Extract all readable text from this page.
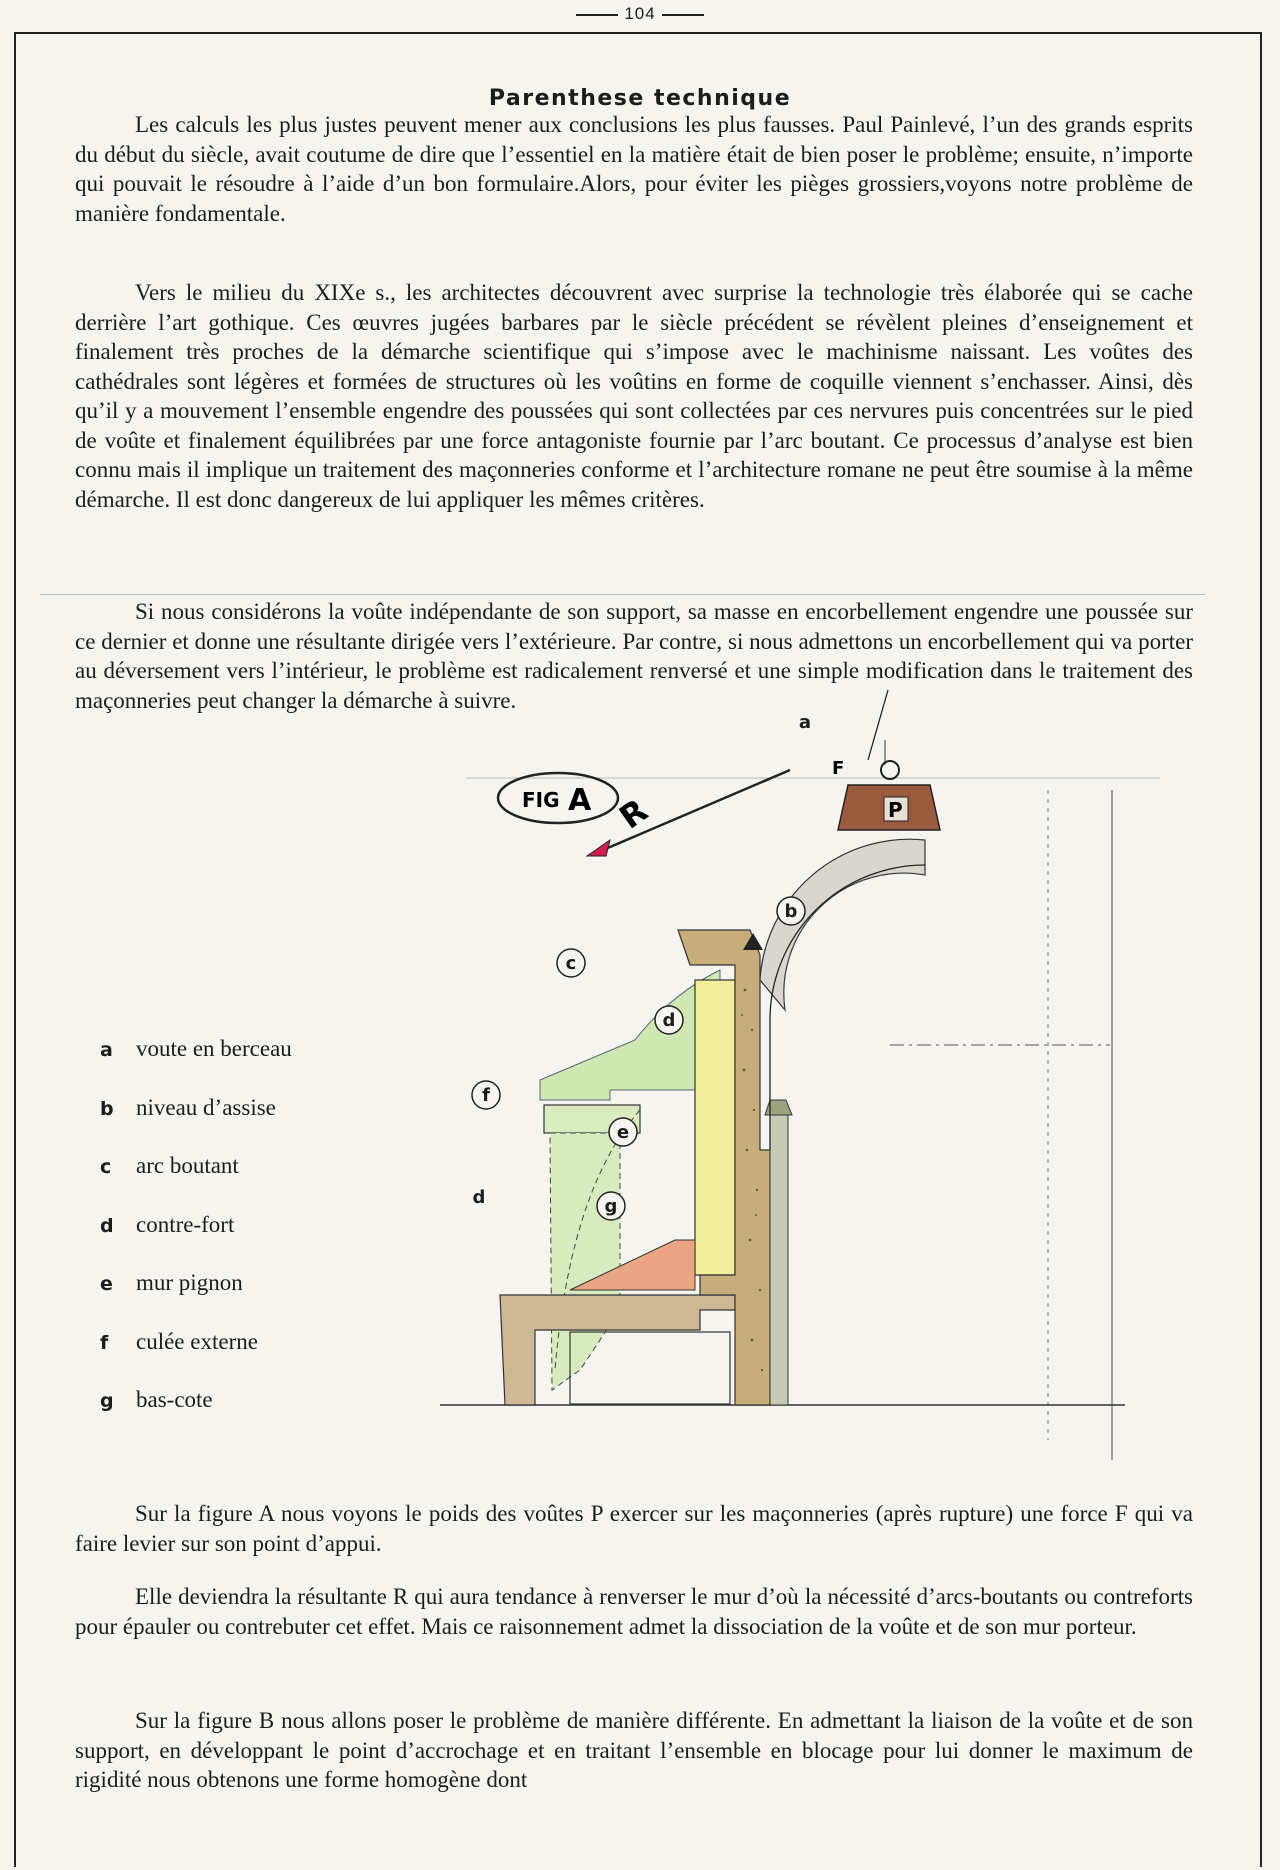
104
Parenthese technique

Les calculs les plus justes peuvent mener aux conclusions les plus fausses. Paul Painlevé, l’un des grands esprits du début du siècle, avait coutume de dire que l’essentiel en la matière était de bien poser le problème; ensuite, n’importe qui pouvait le résoudre à l’aide d’un bon formulaire.Alors, pour éviter les pièges grossiers,voyons notre problème de manière fondamentale.

Vers le milieu du XIXe s., les architectes découvrent avec surprise la technologie très élaborée qui se cache derrière l’art gothique. Ces œuvres jugées barbares par le siècle précédent se révèlent pleines d’enseignement et finalement très proches de la démarche scientifique qui s’impose avec le machinisme naissant. Les voûtes des cathédrales sont légères et formées de structures où les voûtins en forme de coquille viennent s’enchasser. Ainsi, dès qu’il y a mouvement l’ensemble engendre des poussées qui sont collectées par ces nervures puis concentrées sur le pied de voûte et finalement équilibrées par une force antagoniste fournie par l’arc boutant. Ce processus d’analyse est bien connu mais il implique un traitement des maçonneries conforme et l’architecture romane ne peut être soumise à la même démarche. Il est donc dangereux de lui appliquer les mêmes critères.

Si nous considérons la voûte indépendante de son support, sa masse en encorbellement engendre une poussée sur ce dernier et donne une résultante dirigée vers l’extérieure. Par contre, si nous admettons un encorbellement qui va porter au déversement vers l’intérieur, le problème est radicalement renversé et une simple modification dans le traitement des maçonneries peut changer la démarche à suivre.

R
FIG A	P
F
a
b
c
d
f
e
d	g
a	voute en berceau
b niveau d’assise
c	arc boutant
d contre-fort
e	mur pignon
f	culée externe
g bas-cote

Sur la figure A nous voyons le poids des voûtes P exercer sur les maçonneries (après rupture) une force F qui va faire levier sur son point d’appui.

Elle deviendra la résultante R qui aura tendance à renverser le mur d’où la nécessité d’arcs-boutants ou contreforts pour épauler ou contrebuter cet effet. Mais ce raisonnement admet la dissociation de la voûte et de son mur porteur.

Sur la figure B nous allons poser le problème de manière différente. En admettant la liaison de la voûte et de son support, en développant le point d’accrochage et en traitant l’ensemble en blocage pour lui donner le maximum de rigidité nous obtenons une forme homogène dont
